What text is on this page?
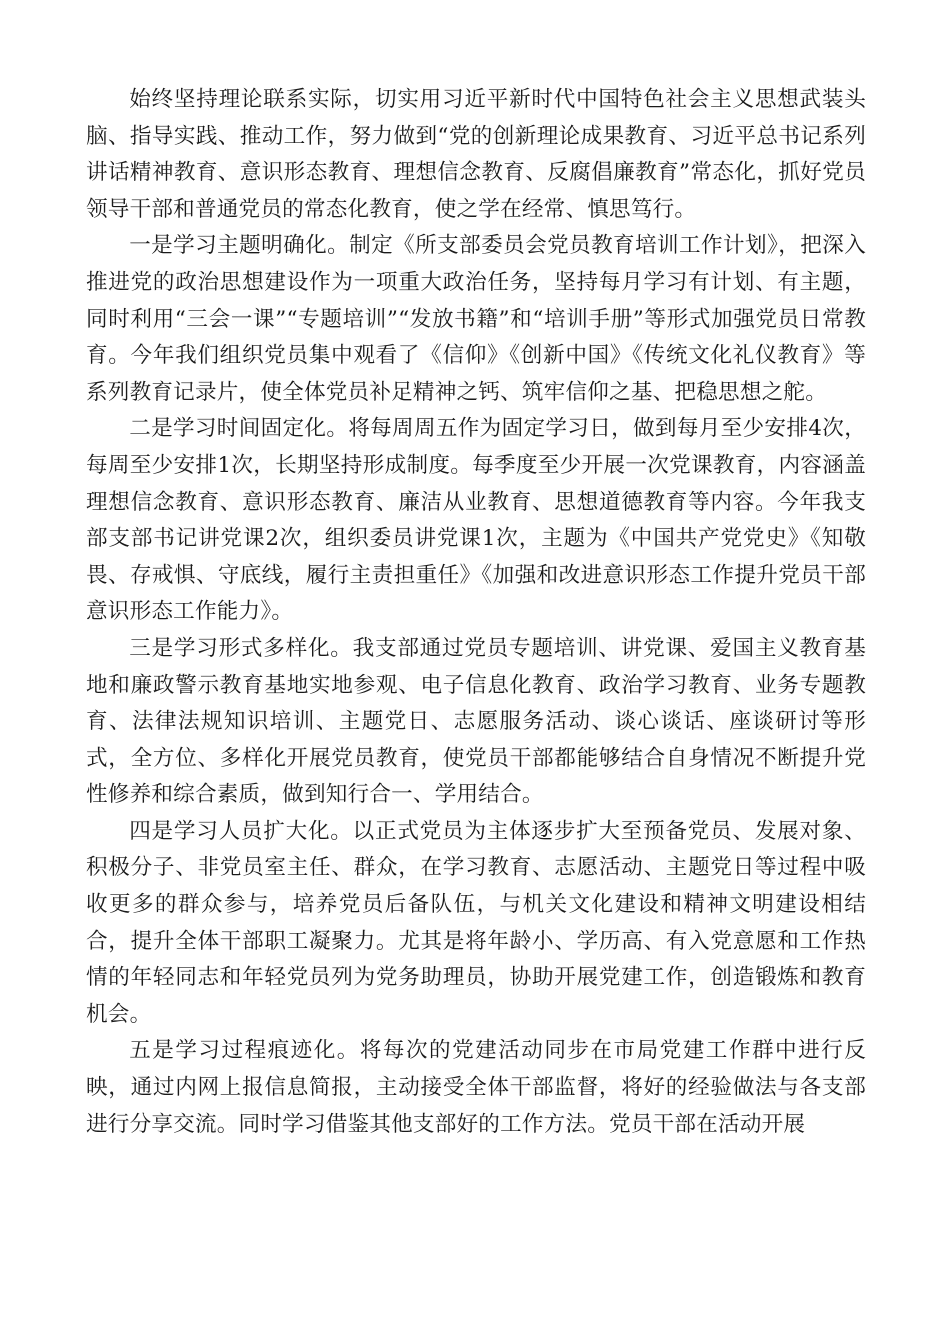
始终坚持理论联系实际，切实用习近平新时代中国特色社会主义思想武装头脑、指导实践、推动工作，努力做到“党的创新理论成果教育、习近平总书记系列讲话精神教育、意识形态教育、理想信念教育、反腐倡廉教育”常态化，抓好党员领导干部和普通党员的常态化教育，使之学在经常、慎思笃行。

一是学习主题明确化。制定《所支部委员会党员教育培训工作计划》，把深入推进党的政治思想建设作为一项重大政治任务，坚持每月学习有计划、有主题，同时利用“三会一课”“专题培训”“发放书籍”和“培训手册”等形式加强党员日常教育。今年我们组织党员集中观看了《信仰》《创新中国》《传统文化礼仪教育》等系列教育记录片，使全体党员补足精神之钙、筑牢信仰之基、把稳思想之舵。

二是学习时间固定化。将每周周五作为固定学习日，做到每月至少安排4次，每周至少安排1次，长期坚持形成制度。每季度至少开展一次党课教育，内容涵盖理想信念教育、意识形态教育、廉洁从业教育、思想道德教育等内容。今年我支部支部书记讲党课2次，组织委员讲党课1次，主题为《中国共产党党史》《知敬畏、存戒惧、守底线，履行主责担重任》《加强和改进意识形态工作提升党员干部意识形态工作能力》。

三是学习形式多样化。我支部通过党员专题培训、讲党课、爱国主义教育基地和廉政警示教育基地实地参观、电子信息化教育、政治学习教育、业务专题教育、法律法规知识培训、主题党日、志愿服务活动、谈心谈话、座谈研讨等形式，全方位、多样化开展党员教育，使党员干部都能够结合自身情况不断提升党性修养和综合素质，做到知行合一、学用结合。

四是学习人员扩大化。以正式党员为主体逐步扩大至预备党员、发展对象、积极分子、非党员室主任、群众，在学习教育、志愿活动、主题党日等过程中吸收更多的群众参与，培养党员后备队伍，与机关文化建设和精神文明建设相结合，提升全体干部职工凝聚力。尤其是将年龄小、学历高、有入党意愿和工作热情的年轻同志和年轻党员列为党务助理员，协助开展党建工作，创造锻炼和教育机会。

五是学习过程痕迹化。将每次的党建活动同步在市局党建工作群中进行反映，通过内网上报信息简报，主动接受全体干部监督，将好的经验做法与各支部进行分享交流。同时学习借鉴其他支部好的工作方法。党员干部在活动开展
